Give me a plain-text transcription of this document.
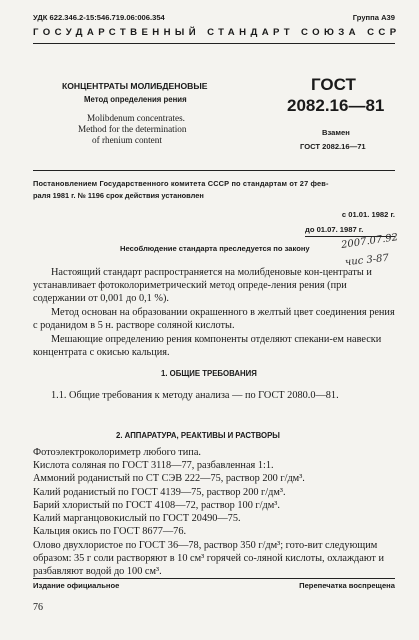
УДК 622.346.2-15:546.719.06:006.354	Группа А39
ГОСУДАРСТВЕННЫЙ СТАНДАРТ СОЮЗА ССР
КОНЦЕНТРАТЫ МОЛИБДЕНОВЫЕ
Метод определения рения
Molibdenum concentrates.
Method for the determination
of rhenium content
ГОСТ
2082.16—81
Взамен
ГОСТ 2082.16—71
Постановлением Государственного комитета СССР по стандартам от 27 фев-
раля 1981 г. № 1196 срок действия установлен
с 01.01. 1982 г.
до 01.07. 1987 г.
Несоблюдение стандарта преследуется по закону	2007.07.92
чис 3-87
Настоящий стандарт распространяется на молибденовые кон-центраты и устанавливает фотоколориметрический метод опреде-ления рения (при содержании от 0,001 до 0,1 %).
Метод основан на образовании окрашенного в желтый цвет соединения рения с роданидом в 5 н. растворе соляной кислоты.
Мешающие определению рения компоненты отделяют спекани-ем навески концентрата с окисью кальция.
1. ОБЩИЕ ТРЕБОВАНИЯ
1.1. Общие требования к методу анализа — по ГОСТ 2080.0—81.
2. АППАРАТУРА, РЕАКТИВЫ И РАСТВОРЫ
Фотоэлектроколориметр любого типа.
Кислота соляная по ГОСТ 3118—77, разбавленная 1:1.
Аммоний роданистый по СТ СЭВ 222—75, раствор 200 г/дм³.
Калий роданистый по ГОСТ 4139—75, раствор 200 г/дм³.
Барий хлористый по ГОСТ 4108—72, раствор 100 г/дм³.
Калий марганцовокислый по ГОСТ 20490—75.
Кальция окись по ГОСТ 8677—76.
Олово двухлористое по ГОСТ 36—78, раствор 350 г/дм³; гото-вит следующим образом: 35 г соли растворяют в 10 см³ горячей со-ляной кислоты, охлаждают и разбавляют водой до 100 см³.
Издание официальное	Перепечатка воспрещена
76
